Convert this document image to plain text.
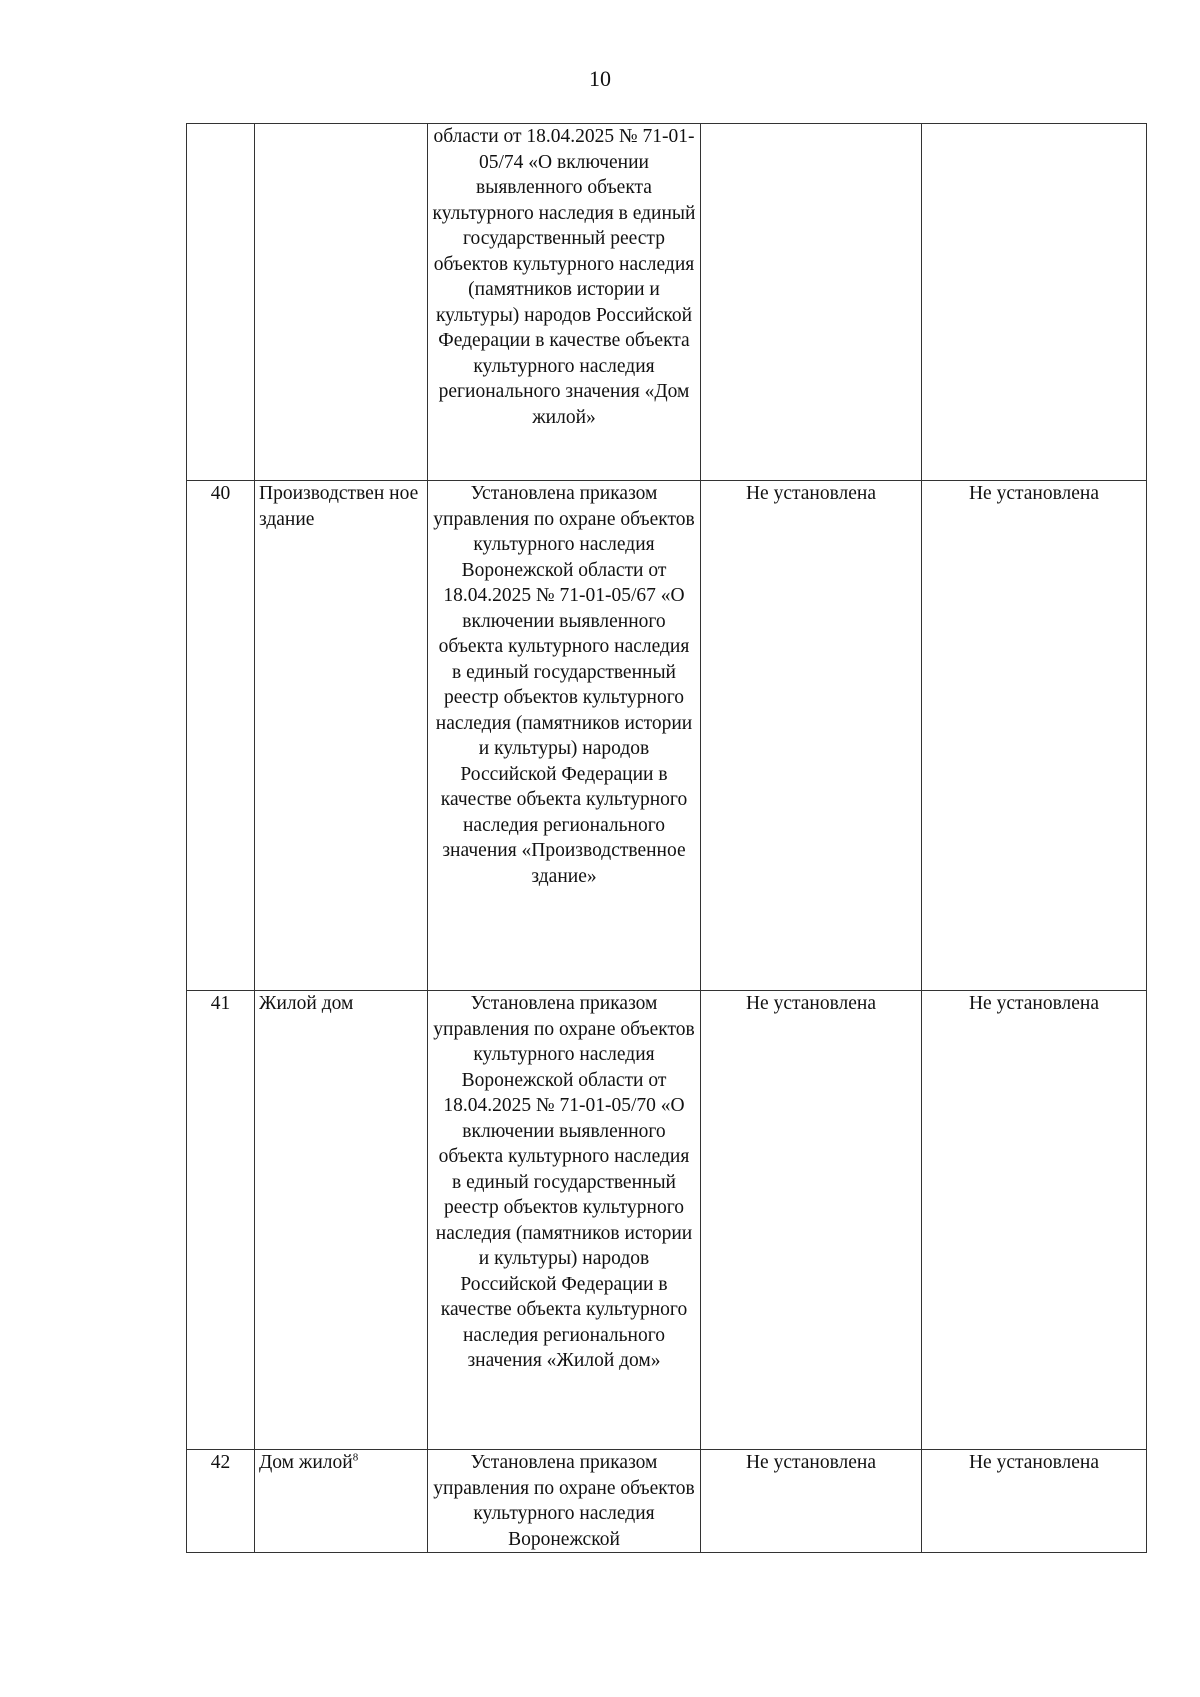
10
		области от 18.04.2025 № 71-01-05/74 «О включении выявленного объекта культурного наследия в единый государственный реестр объектов культурного наследия (памятников истории и культуры) народов Российской Федерации в качестве объекта культурного наследия регионального значения «Дом жилой»		
40	Производствен ное здание	Установлена приказом управления по охране объектов культурного наследия Воронежской области от 18.04.2025 № 71-01-05/67 «О включении выявленного объекта культурного наследия в единый государственный реестр объектов культурного наследия (памятников истории и культуры) народов Российской Федерации в качестве объекта культурного наследия регионального значения «Производственное здание»	Не установлена	Не установлена
41	Жилой дом	Установлена приказом управления по охране объектов культурного наследия Воронежской области от 18.04.2025 № 71-01-05/70 «О включении выявленного объекта культурного наследия в единый государственный реестр объектов культурного наследия (памятников истории и культуры) народов Российской Федерации в качестве объекта культурного наследия регионального значения «Жилой дом»	Не установлена	Не установлена
42	Дом жилой$^8$	Установлена приказом управления по охране объектов культурного наследия Воронежской	Не установлена	Не установлена
